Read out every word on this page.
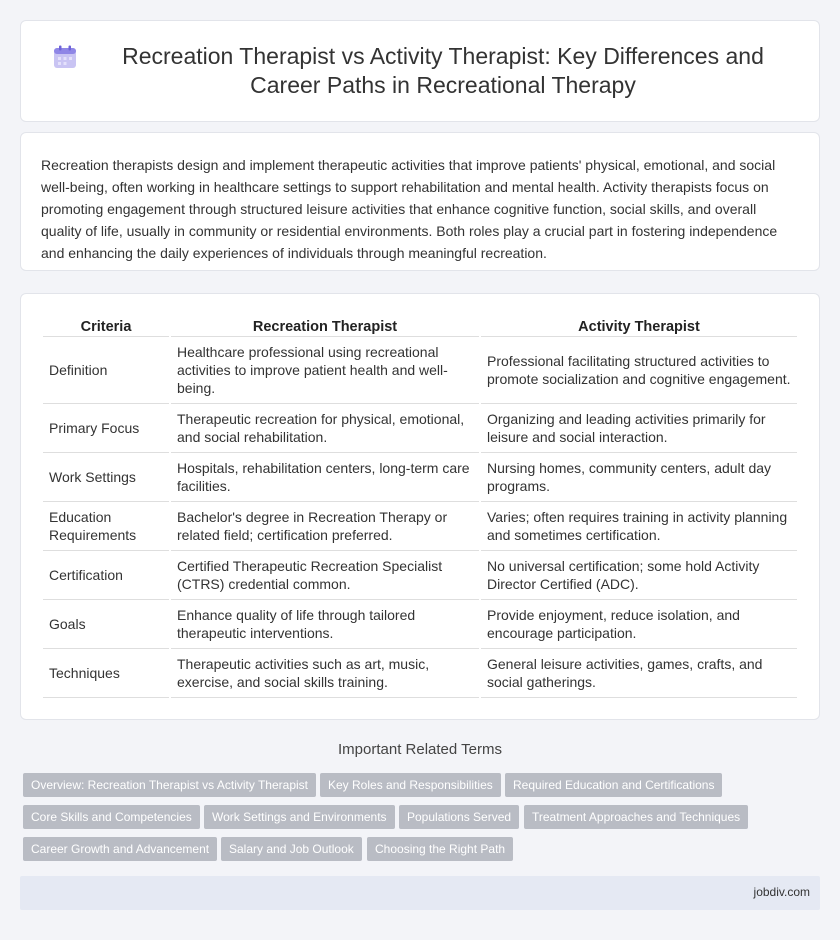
Recreation Therapist vs Activity Therapist: Key Differences and Career Paths in Recreational Therapy

Recreation therapists design and implement therapeutic activities that improve patients' physical, emotional, and social well-being, often working in healthcare settings to support rehabilitation and mental health. Activity therapists focus on promoting engagement through structured leisure activities that enhance cognitive function, social skills, and overall quality of life, usually in community or residential environments. Both roles play a crucial part in fostering independence and enhancing the daily experiences of individuals through meaningful recreation.

Criteria	Recreation Therapist	Activity Therapist
Definition	Healthcare professional using recreational activities to improve patient health and well-being.	Professional facilitating structured activities to promote socialization and cognitive engagement.
Primary Focus	Therapeutic recreation for physical, emotional, and social rehabilitation.	Organizing and leading activities primarily for leisure and social interaction.
Work Settings	Hospitals, rehabilitation centers, long-term care facilities.	Nursing homes, community centers, adult day programs.
Education Requirements	Bachelor's degree in Recreation Therapy or related field; certification preferred.	Varies; often requires training in activity planning and sometimes certification.
Certification	Certified Therapeutic Recreation Specialist (CTRS) credential common.	No universal certification; some hold Activity Director Certified (ADC).
Goals	Enhance quality of life through tailored therapeutic interventions.	Provide enjoyment, reduce isolation, and encourage participation.
Techniques	Therapeutic activities such as art, music, exercise, and social skills training.	General leisure activities, games, crafts, and social gatherings.
Important Related Terms
Overview: Recreation Therapist vs Activity Therapist	Key Roles and Responsibilities	Required Education and Certifications
Core Skills and Competencies	Work Settings and Environments	Populations Served	Treatment Approaches and Techniques
Career Growth and Advancement	Salary and Job Outlook	Choosing the Right Path
jobdiv.com
